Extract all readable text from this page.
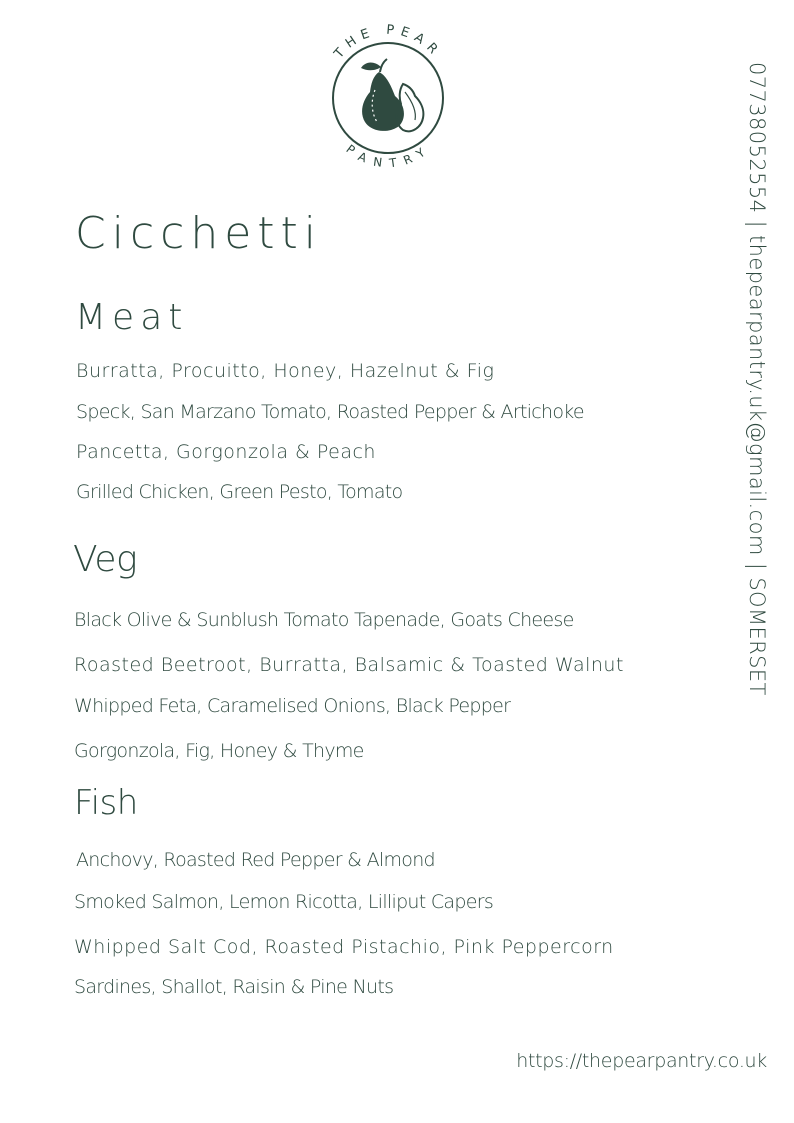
THE PEAR
PANTRY
Cicchetti
Meat

Burratta, Procuitto, Honey, Hazelnut & Fig

Speck, San Marzano Tomato, Roasted Pepper & Artichoke

Pancetta, Gorgonzola & Peach

Grilled Chicken, Green Pesto, Tomato

Veg

Black Olive & Sunblush Tomato Tapenade, Goats Cheese

Roasted Beetroot, Burratta, Balsamic & Toasted Walnut

Whipped Feta, Caramelised Onions, Black Pepper

Gorgonzola, Fig, Honey & Thyme

Fish

Anchovy, Roasted Red Pepper & Almond

Smoked Salmon, Lemon Ricotta, Lilliput Capers

Whipped Salt Cod, Roasted Pistachio, Pink Peppercorn

Sardines, Shallot, Raisin & Pine Nuts

07738052554 | thepearpantry.uk@gmail.com | SOMERSET

https://thepearpantry.co.uk
